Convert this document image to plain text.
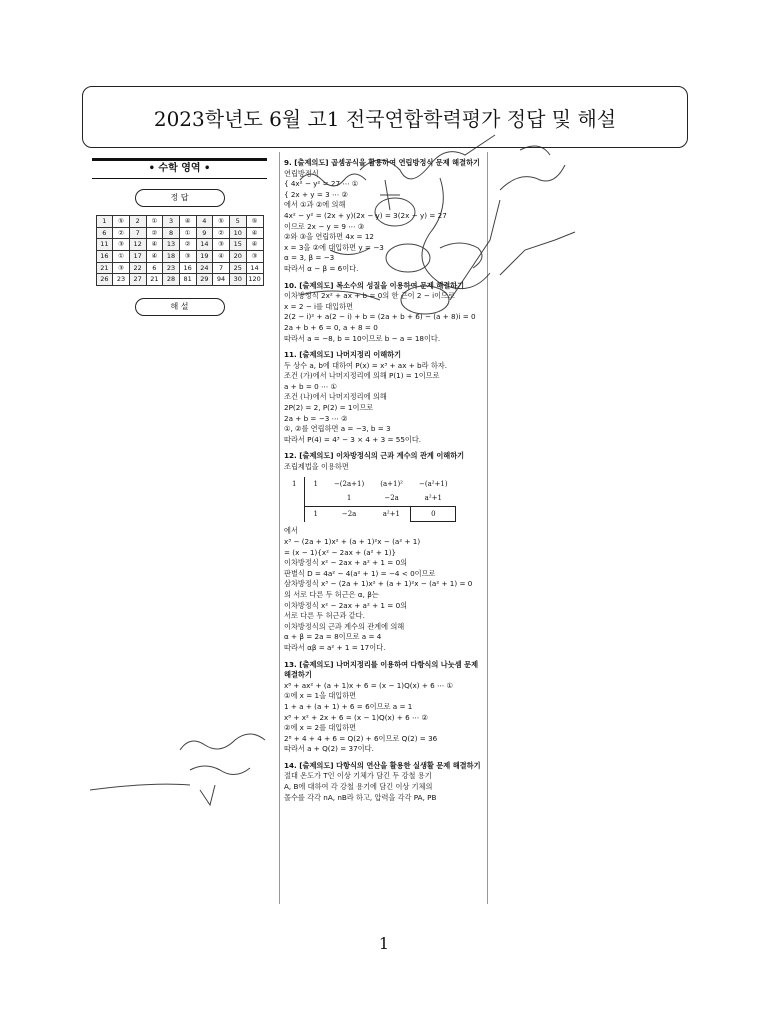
2023학년도 6월 고1 전국연합학력평가 정답 및 해설
• 수학 영역 •
정 답
1	⑤	2	①	3	④	4	⑤	5	⑤
6	②	7	②	8	①	9	②	10	④
11	③	12	④	13	②	14	③	15	④
16	①	17	④	18	③	19	④	20	③
21	③	22	6	23	16	24	7	25	14
26	23	27	21	28	81	29	94	30	120
해 설
9. [출제의도] 곱셈공식을 활용하여 연립방정식 문제 해결하기
연립방정식
{ 4x² − y² = 27 ⋯ ①
{ 2x + y = 3 ⋯ ②
에서 ①과 ②에 의해
4x² − y² = (2x + y)(2x − y) = 3(2x − y) = 27
이므로 2x − y = 9 ⋯ ③
②와 ③을 연립하면 4x = 12
x = 3을 ②에 대입하면 y = −3
α = 3, β = −3
따라서 α − β = 6이다.
10. [출제의도] 복소수의 성질을 이용하여 문제 해결하기
이차방정식 2x² + ax + b = 0의 한 근이 2 − i이므로
x = 2 − i를 대입하면
2(2 − i)² + a(2 − i) + b = (2a + b + 6) − (a + 8)i = 0
2a + b + 6 = 0, a + 8 = 0
따라서 a = −8, b = 10이므로 b − a = 18이다.
11. [출제의도] 나머지정리 이해하기
두 상수 a, b에 대하여 P(x) = x³ + ax + b라 하자.
조건 (가)에서 나머지정리에 의해 P(1) = 1이므로
a + b = 0 ⋯ ①
조건 (나)에서 나머지정리에 의해
2P(2) = 2, P(2) = 1이므로
2a + b = −3 ⋯ ②
①, ②를 연립하면 a = −3, b = 3
따라서 P(4) = 4³ − 3 × 4 + 3 = 55이다.
12. [출제의도] 이차방정식의 근과 계수의 관계 이해하기
조립제법을 이용하면
1	1	−(2a+1)	(a+1)²	−(a²+1)
		1	−2a	a²+1
	1	−2a	a²+1	0
에서
x³ − (2a + 1)x² + (a + 1)²x − (a² + 1)
= (x − 1){x² − 2ax + (a² + 1)}
이차방정식 x² − 2ax + a² + 1 = 0의
판별식 D = 4a² − 4(a² + 1) = −4 < 0이므로
삼차방정식 x³ − (2a + 1)x² + (a + 1)²x − (a² + 1) = 0
의 서로 다른 두 허근은 α, β는
이차방정식 x² − 2ax + a² + 1 = 0의
서로 다른 두 허근과 같다.
이차방정식의 근과 계수의 관계에 의해
α + β = 2a = 8이므로 a = 4
따라서 αβ = a² + 1 = 17이다.
13. [출제의도] 나머지정리를 이용하여 다항식의 나눗셈 문제 해결하기
x⁸ + ax² + (a + 1)x + 6 = (x − 1)Q(x) + 6 ⋯ ①
①에 x = 1을 대입하면
1 + a + (a + 1) + 6 = 6이므로 a = 1
x⁸ + x² + 2x + 6 = (x − 1)Q(x) + 6 ⋯ ②
②에 x = 2를 대입하면
2⁸ + 4 + 4 + 6 = Q(2) + 6이므로 Q(2) = 36
따라서 a + Q(2) = 37이다.
14. [출제의도] 다항식의 연산을 활용한 실생활 문제 해결하기
절대 온도가 T인 이상 기체가 담긴 두 강철 용기
A, B에 대하여 각 강철 용기에 담긴 이상 기체의
몰수를 각각 nA, nB라 하고, 압력을 각각 PA, PB
1
